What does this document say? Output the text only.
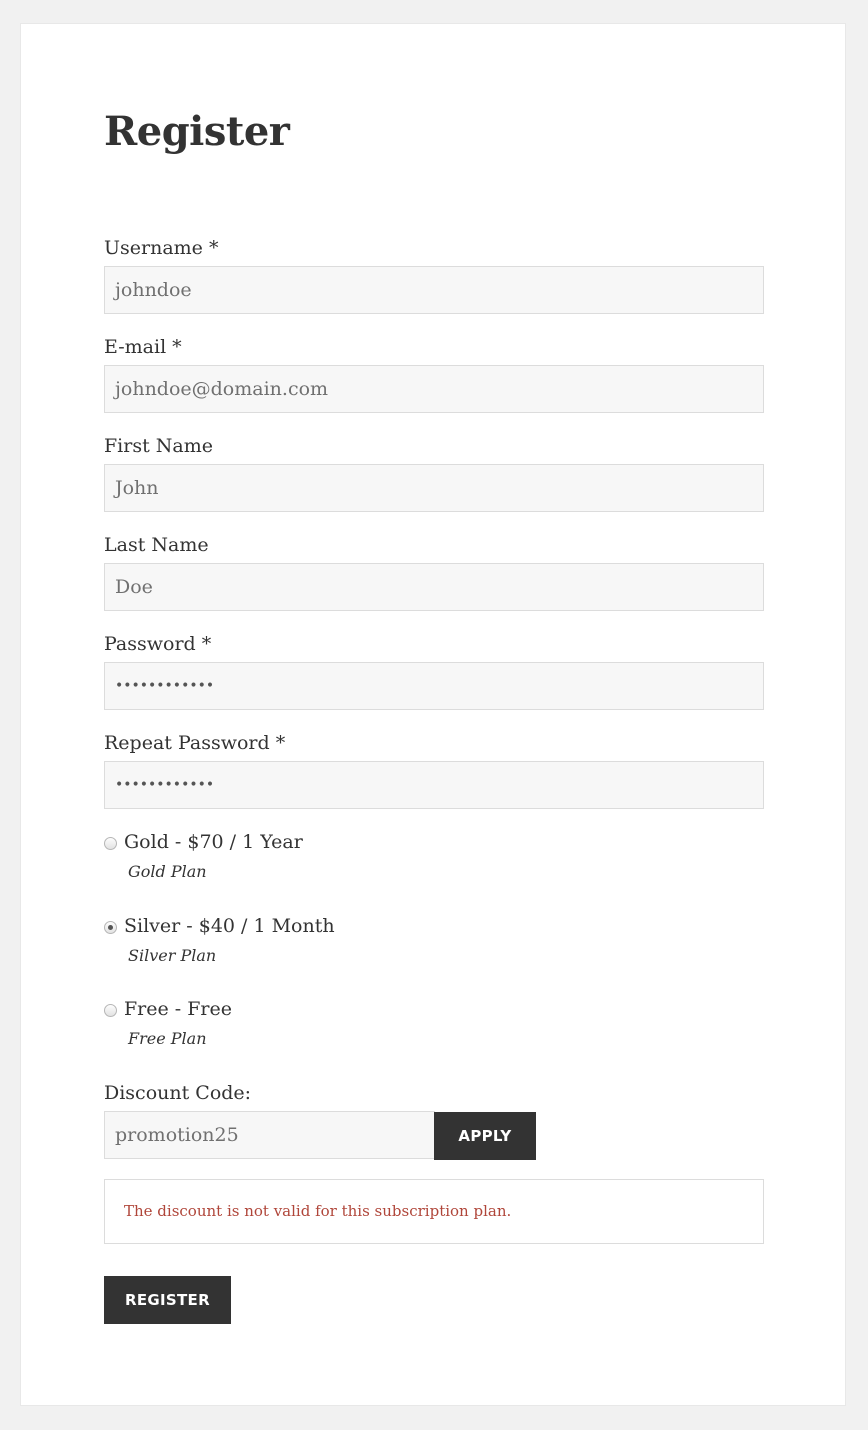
Register
Username *
johndoe
E-mail *
johndoe@domain.com
First Name
John
Last Name
Doe
Password *
••••••••••••
Repeat Password *
••••••••••••
Gold - $70 / 1 Year
Gold Plan
Silver - $40 / 1 Month
Silver Plan
Free - Free
Free Plan
Discount Code:
promotion25	APPLY
The discount is not valid for this subscription plan.
REGISTER
